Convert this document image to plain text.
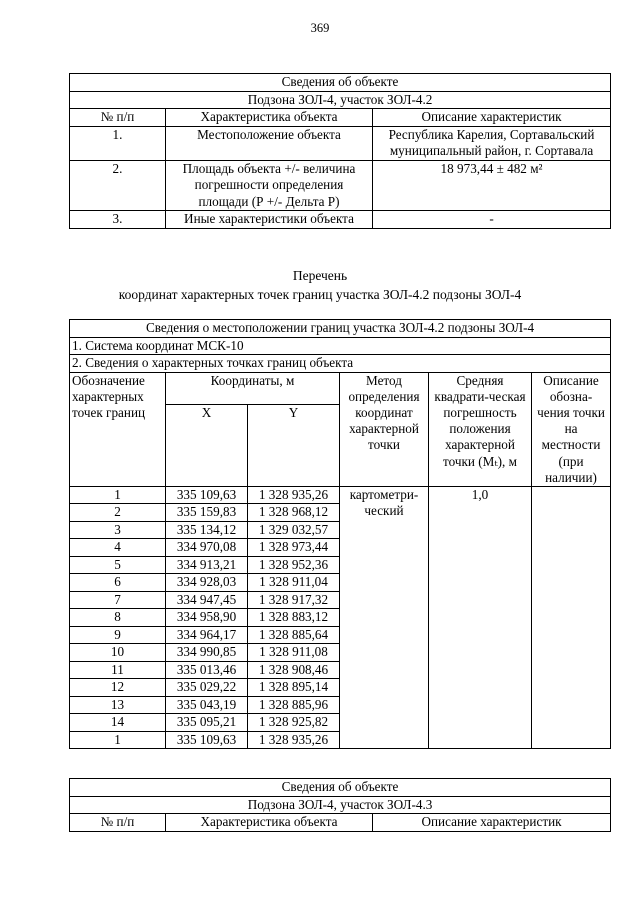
369
Сведения об объекте		
Подзона ЗОЛ-4, участок ЗОЛ-4.2		
№ п/п	Характеристика объекта	Описание характеристик
1.	Местоположение объекта	Республика Карелия, Сортавальский муниципальный район, г. Сортавала
2.	Площадь объекта +/- величина погрешности определения площади (Р +/- Дельта Р)	18 973,44 ± 482 м²
3.	Иные характеристики объекта	-
Перечень
координат характерных точек границ участка ЗОЛ-4.2 подзоны ЗОЛ-4
Сведения о местоположении границ участка ЗОЛ-4.2 подзоны ЗОЛ-4					
1. Система координат МСК-10					
2. Сведения о характерных точках границ объекта					
Обозначение характерных точек границ	Координаты, м		Метод определения координат характерной точки	Средняя квадрати-ческая погрешность положения характерной точки (Mₜ), м	Описание обозна-чения точки на местности (при наличии)
	X	Y			
1	335 109,63	1 328 935,26	картометри-ческий	1,0	
2	335 159,83	1 328 968,12			
3	335 134,12	1 329 032,57			
4	334 970,08	1 328 973,44			
5	334 913,21	1 328 952,36			
6	334 928,03	1 328 911,04			
7	334 947,45	1 328 917,32			
8	334 958,90	1 328 883,12			
9	334 964,17	1 328 885,64			
10	334 990,85	1 328 911,08			
11	335 013,46	1 328 908,46			
12	335 029,22	1 328 895,14			
13	335 043,19	1 328 885,96			
14	335 095,21	1 328 925,82			
1	335 109,63	1 328 935,26			
Сведения об объекте
Подзона ЗОЛ-4, участок ЗОЛ-4.3
№ п/п	Характеристика объекта	Описание характеристик
